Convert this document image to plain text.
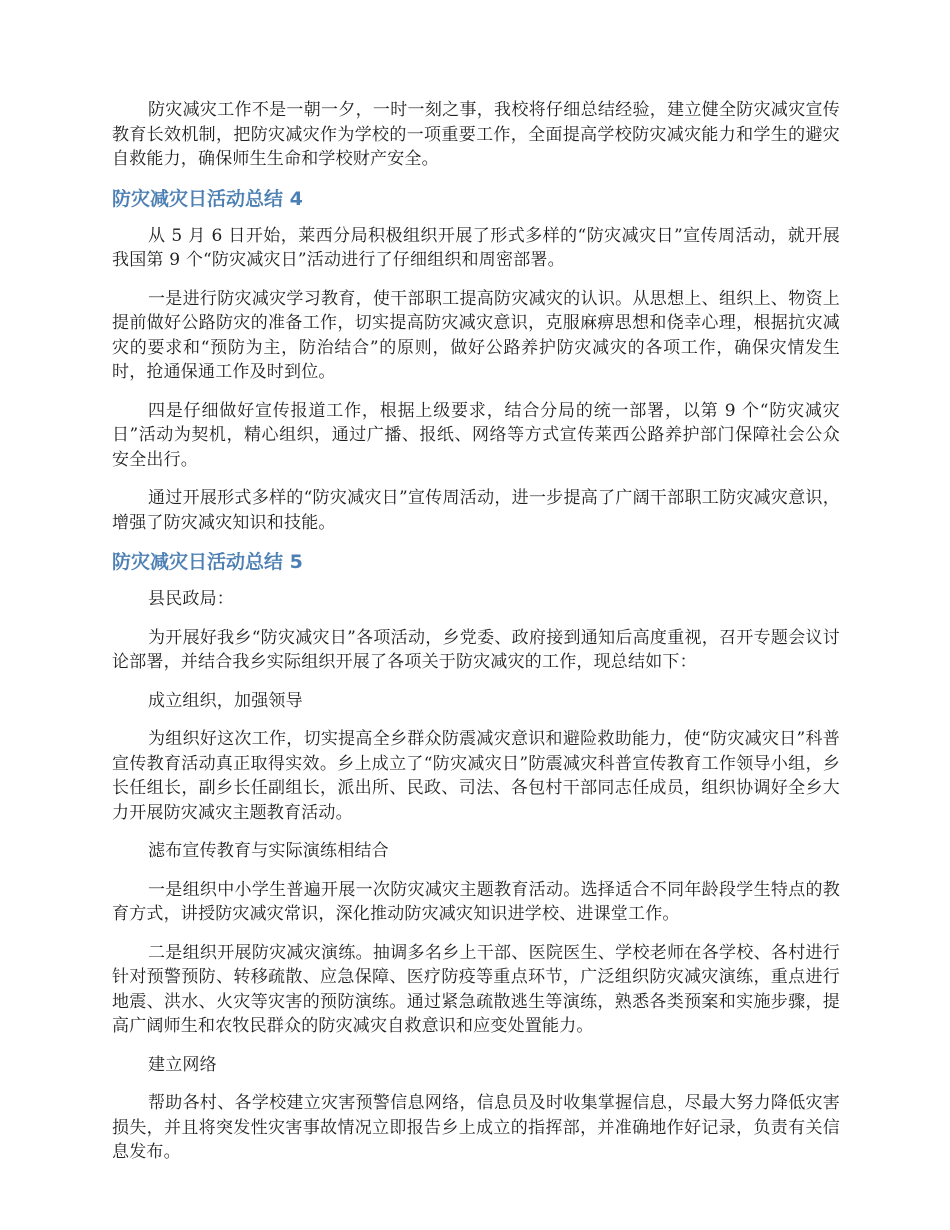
防灾减灾工作不是一朝一夕，一时一刻之事，我校将仔细总结经验，建立健全防灾减灾宣传教育长效机制，把防灾减灾作为学校的一项重要工作，全面提高学校防灾减灾能力和学生的避灾自救能力，确保师生生命和学校财产安全。

防灾减灾日活动总结 4

从 5 月 6 日开始，莱西分局积极组织开展了形式多样的“防灾减灾日”宣传周活动，就开展我国第 9 个“防灾减灾日”活动进行了仔细组织和周密部署。

一是进行防灾减灾学习教育，使干部职工提高防灾减灾的认识。从思想上、组织上、物资上提前做好公路防灾的准备工作，切实提高防灾减灾意识，克服麻痹思想和侥幸心理，根据抗灾减灾的要求和“预防为主，防治结合”的原则，做好公路养护防灾减灾的各项工作，确保灾情发生时，抢通保通工作及时到位。

四是仔细做好宣传报道工作，根据上级要求，结合分局的统一部署，以第 9 个“防灾减灾日”活动为契机，精心组织，通过广播、报纸、网络等方式宣传莱西公路养护部门保障社会公众安全出行。

通过开展形式多样的“防灾减灾日”宣传周活动，进一步提高了广阔干部职工防灾减灾意识，增强了防灾减灾知识和技能。

防灾减灾日活动总结 5

县民政局：

为开展好我乡“防灾减灾日”各项活动，乡党委、政府接到通知后高度重视，召开专题会议讨论部署，并结合我乡实际组织开展了各项关于防灾减灾的工作，现总结如下：

成立组织，加强领导

为组织好这次工作，切实提高全乡群众防震减灾意识和避险救助能力，使“防灾减灾日”科普宣传教育活动真正取得实效。乡上成立了“防灾减灾日”防震减灾科普宣传教育工作领导小组，乡长任组长，副乡长任副组长，派出所、民政、司法、各包村干部同志任成员，组织协调好全乡大力开展防灾减灾主题教育活动。

滤布宣传教育与实际演练相结合

一是组织中小学生普遍开展一次防灾减灾主题教育活动。选择适合不同年龄段学生特点的教育方式，讲授防灾减灾常识，深化推动防灾减灾知识进学校、进课堂工作。

二是组织开展防灾减灾演练。抽调多名乡上干部、医院医生、学校老师在各学校、各村进行针对预警预防、转移疏散、应急保障、医疗防疫等重点环节，广泛组织防灾减灾演练，重点进行地震、洪水、火灾等灾害的预防演练。通过紧急疏散逃生等演练，熟悉各类预案和实施步骤，提高广阔师生和农牧民群众的防灾减灾自救意识和应变处置能力。

建立网络

帮助各村、各学校建立灾害预警信息网络，信息员及时收集掌握信息，尽最大努力降低灾害损失，并且将突发性灾害事故情况立即报告乡上成立的指挥部，并准确地作好记录，负责有关信息发布。
